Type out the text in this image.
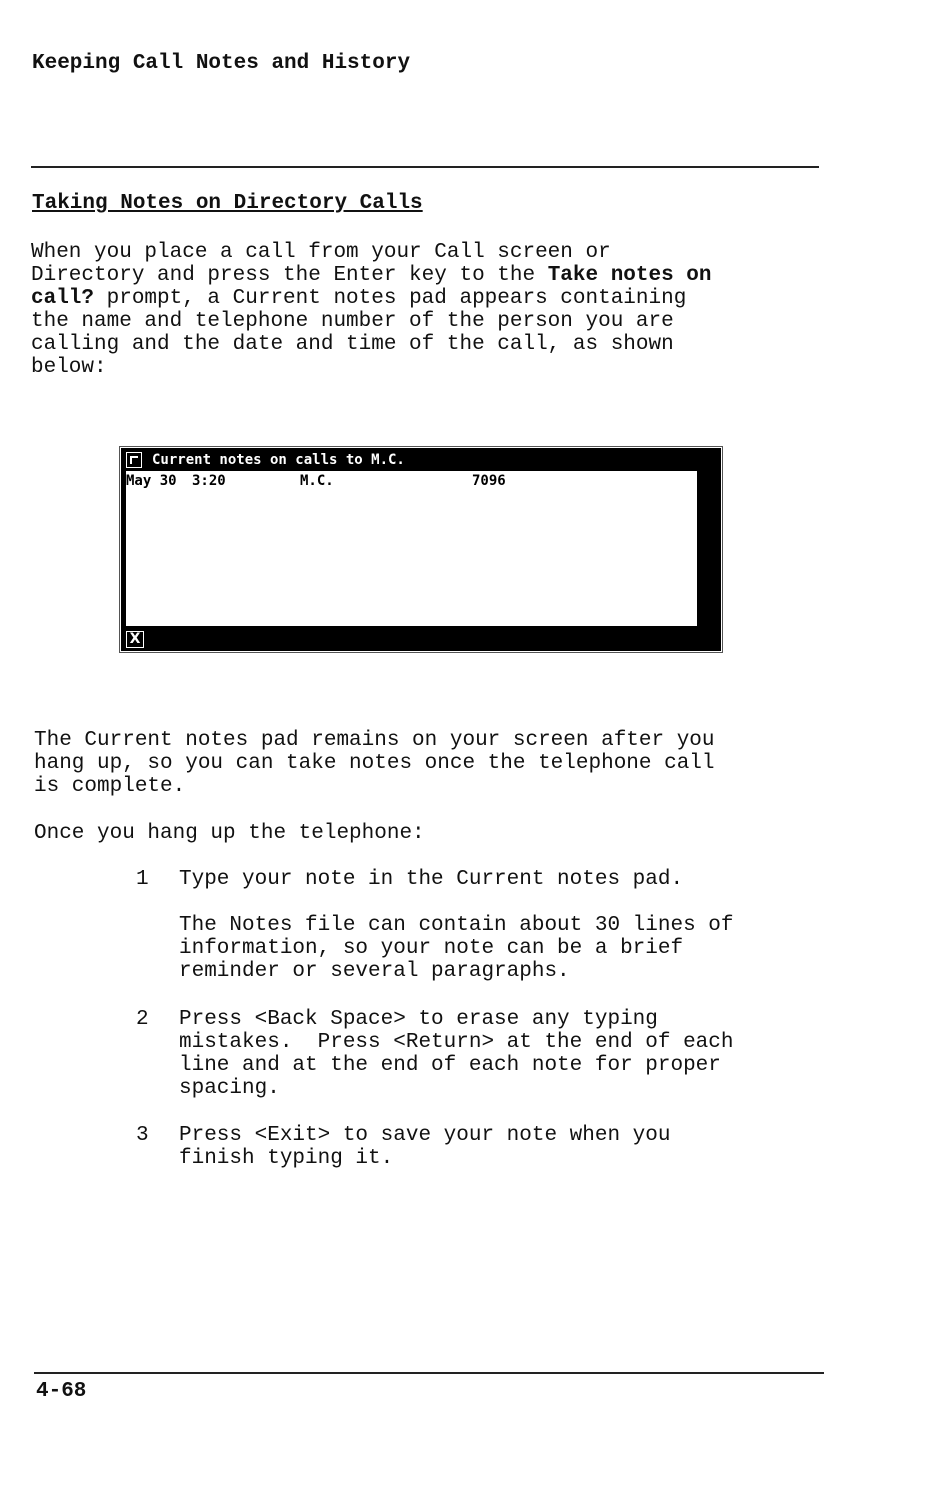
Keeping Call Notes and History
Taking Notes on Directory Calls
When you place a call from your Call screen or
Directory and press the Enter key to the Take notes on
call? prompt, a Current notes pad appears containing
the name and telephone number of the person you are
calling and the date and time of the call, as shown
below:
Current notes on calls to M.C.
May 30 3:20	M.C.	7096
X
The Current notes pad remains on your screen after you
hang up, so you can take notes once the telephone call
is complete.
Once you hang up the telephone:
1 Type your note in the Current notes pad.
The Notes file can contain about 30 lines of
information, so your note can be a brief
reminder or several paragraphs.
2 Press <Back Space> to erase any typing
mistakes.  Press <Return> at the end of each
line and at the end of each note for proper
spacing.
3 Press <Exit> to save your note when you
finish typing it.
4-68
